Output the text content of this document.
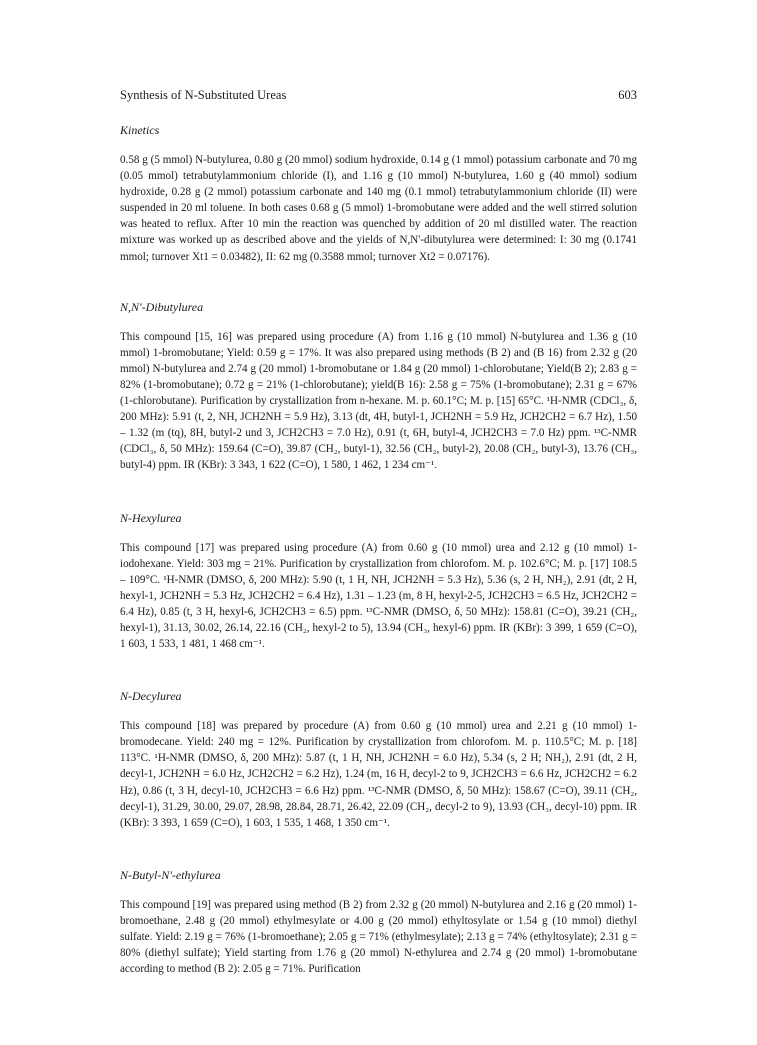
Synthesis of N-Substituted Ureas	603

Kinetics

0.58 g (5 mmol) N-butylurea, 0.80 g (20 mmol) sodium hydroxide, 0.14 g (1 mmol) potassium carbonate and 70 mg (0.05 mmol) tetrabutylammonium chloride (I), and 1.16 g (10 mmol) N-butylurea, 1.60 g (40 mmol) sodium hydroxide, 0.28 g (2 mmol) potassium carbonate and 140 mg (0.1 mmol) tetrabutylammonium chloride (II) were suspended in 20 ml toluene. In both cases 0.68 g (5 mmol) 1-bromobutane were added and the well stirred solution was heated to reflux. After 10 min the reaction was quenched by addition of 20 ml distilled water. The reaction mixture was worked up as described above and the yields of N,N'-dibutylurea were determined: I: 30 mg (0.1741 mmol; turnover Xt1 = 0.03482), II: 62 mg (0.3588 mmol; turnover Xt2 = 0.07176).

N,N'-Dibutylurea

This compound [15, 16] was prepared using procedure (A) from 1.16 g (10 mmol) N-butylurea and 1.36 g (10 mmol) 1-bromobutane; Yield: 0.59 g = 17%. It was also prepared using methods (B 2) and (B 16) from 2.32 g (20 mmol) N-butylurea and 2.74 g (20 mmol) 1-bromobutane or 1.84 g (20 mmol) 1-chlorobutane; Yield(B 2); 2.83 g = 82% (1-bromobutane); 0.72 g = 21% (1-chlorobutane); yield(B 16): 2.58 g = 75% (1-bromobutane); 2.31 g = 67% (1-chlorobutane). Purification by crystallization from n-hexane. M. p. 60.1°C; M. p. [15] 65°C. ¹H-NMR (CDCl₃, δ, 200 MHz): 5.91 (t, 2, NH, JCH2NH = 5.9 Hz), 3.13 (dt, 4H, butyl-1, JCH2NH = 5.9 Hz, JCH2CH2 = 6.7 Hz), 1.50 – 1.32 (m (tq), 8H, butyl-2 und 3, JCH2CH3 = 7.0 Hz), 0.91 (t, 6H, butyl-4, JCH2CH3 = 7.0 Hz) ppm. ¹³C-NMR (CDCl₃, δ, 50 MHz): 159.64 (C=O), 39.87 (CH₂, butyl-1), 32.56 (CH₂, butyl-2), 20.08 (CH₂, butyl-3), 13.76 (CH₃, butyl-4) ppm. IR (KBr): 3 343, 1 622 (C=O), 1 580, 1 462, 1 234 cm⁻¹.

N-Hexylurea

This compound [17] was prepared using procedure (A) from 0.60 g (10 mmol) urea and 2.12 g (10 mmol) 1-iodohexane. Yield: 303 mg = 21%. Purification by crystallization from chlorofom. M. p. 102.6°C; M. p. [17] 108.5 – 109°C. ¹H-NMR (DMSO, δ, 200 MHz): 5.90 (t, 1 H, NH, JCH2NH = 5.3 Hz), 5.36 (s, 2 H, NH₂), 2.91 (dt, 2 H, hexyl-1, JCH2NH = 5.3 Hz, JCH2CH2 = 6.4 Hz), 1.31 – 1.23 (m, 8 H, hexyl-2-5, JCH2CH3 = 6.5 Hz, JCH2CH2 = 6.4 Hz), 0.85 (t, 3 H, hexyl-6, JCH2CH3 = 6.5) ppm. ¹³C-NMR (DMSO, δ, 50 MHz): 158.81 (C=O), 39.21 (CH₂, hexyl-1), 31.13, 30.02, 26.14, 22.16 (CH₂, hexyl-2 to 5), 13.94 (CH₃, hexyl-6) ppm. IR (KBr): 3 399, 1 659 (C=O), 1 603, 1 533, 1 481, 1 468 cm⁻¹.

N-Decylurea

This compound [18] was prepared by procedure (A) from 0.60 g (10 mmol) urea and 2.21 g (10 mmol) 1-bromodecane. Yield: 240 mg = 12%. Purification by crystallization from chlorofom. M. p. 110.5°C; M. p. [18] 113°C. ¹H-NMR (DMSO, δ, 200 MHz): 5.87 (t, 1 H, NH, JCH2NH = 6.0 Hz), 5.34 (s, 2 H; NH₂), 2.91 (dt, 2 H, decyl-1, JCH2NH = 6.0 Hz, JCH2CH2 = 6.2 Hz), 1.24 (m, 16 H, decyl-2 to 9, JCH2CH3 = 6.6 Hz, JCH2CH2 = 6.2 Hz), 0.86 (t, 3 H, decyl-10, JCH2CH3 = 6.6 Hz) ppm. ¹³C-NMR (DMSO, δ, 50 MHz): 158.67 (C=O), 39.11 (CH₂, decyl-1), 31.29, 30.00, 29.07, 28.98, 28.84, 28.71, 26.42, 22.09 (CH₂, decyl-2 to 9), 13.93 (CH₃, decyl-10) ppm. IR (KBr): 3 393, 1 659 (C=O), 1 603, 1 535, 1 468, 1 350 cm⁻¹.

N-Butyl-N'-ethylurea

This compound [19] was prepared using method (B 2) from 2.32 g (20 mmol) N-butylurea and 2.16 g (20 mmol) 1-bromoethane, 2.48 g (20 mmol) ethylmesylate or 4.00 g (20 mmol) ethyltosylate or 1.54 g (10 mmol) diethyl sulfate. Yield: 2.19 g = 76% (1-bromoethane); 2.05 g = 71% (ethylmesylate); 2.13 g = 74% (ethyltosylate); 2.31 g = 80% (diethyl sulfate); Yield starting from 1.76 g (20 mmol) N-ethylurea and 2.74 g (20 mmol) 1-bromobutane according to method (B 2): 2.05 g = 71%. Purification
